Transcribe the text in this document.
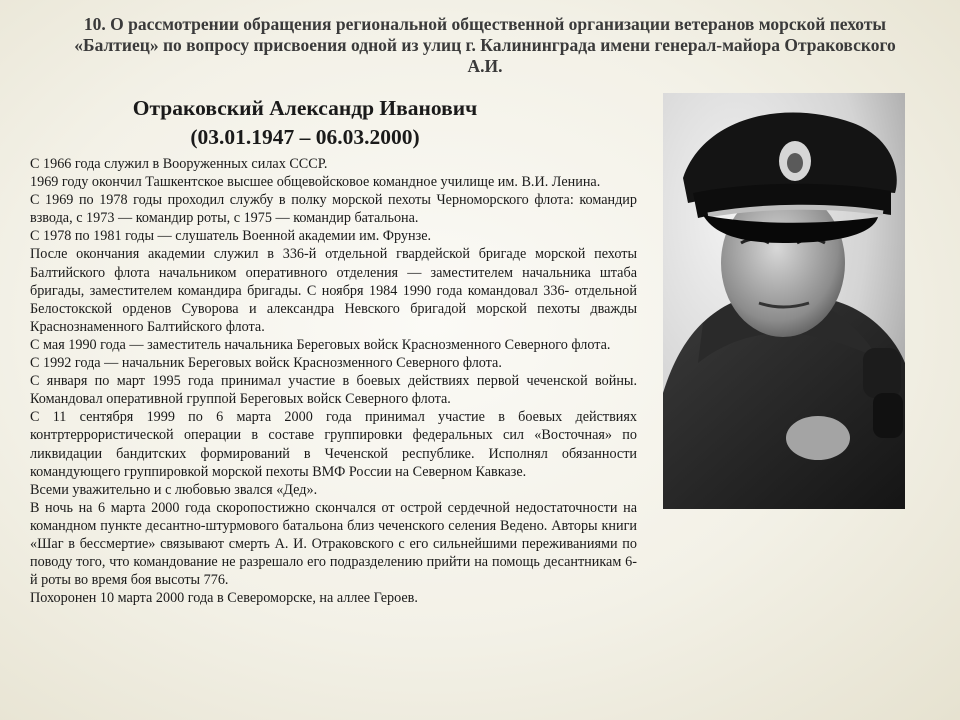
10. О рассмотрении обращения региональной общественной организации ветеранов морской пехоты «Балтиец» по вопросу присвоения одной из улиц г. Калининграда имени генерал-майора Отраковского А.И.
Отраковский Александр Иванович
(03.01.1947 – 06.03.2000)

С 1966 года служил в Вооруженных силах СССР.

1969 году окончил Ташкентское высшее общевойсковое командное училище им. В.И. Ленина.

С 1969 по 1978 годы проходил службу в полку морской пехоты Черноморского флота: командир взвода, с 1973 — командир роты, с 1975 — командир батальона.

С 1978 по 1981 годы — слушатель Военной академии им. Фрунзе.

После окончания академии служил в 336-й отдельной гвардейской бригаде морской пехоты Балтийского флота начальником оперативного отделения — заместителем начальника штаба бригады, заместителем командира бригады. С ноября 1984 1990 года командовал 336- отдельной Белостокской орденов Суворова и александра Невского бригадой морской пехоты дважды Краснознаменного Балтийского флота.

С мая 1990 года — заместитель начальника Береговых войск Краснозменного Северного флота.

С 1992 года — начальник Береговых войск Краснозменного Северного флота.

С января по март 1995 года принимал участие в боевых действиях первой чеченской войны. Командовал оперативной группой Береговых войск Северного флота.

С 11 сентября 1999 по 6 марта 2000 года принимал участие в боевых действиях контртеррористической операции в составе группировки федеральных сил «Восточная» по ликвидации бандитских формирований в Чеченской республике. Исполнял обязанности командующего группировкой морской пехоты ВМФ России на Северном Кавказе.

Всеми уважительно и с любовью звался «Дед».

В ночь на 6 марта 2000 года скоропостижно скончался от острой сердечной недостаточности на командном пункте десантно-штурмового батальона близ чеченского селения Ведено. Авторы книги «Шаг в бессмертие» связывают смерть А. И. Отраковского с его сильнейшими переживаниями по поводу того, что командование не разрешало его подразделению прийти на помощь десантникам 6-й роты во время боя высоты 776.

Похоронен 10 марта 2000 года в Североморске, на аллее Героев.
